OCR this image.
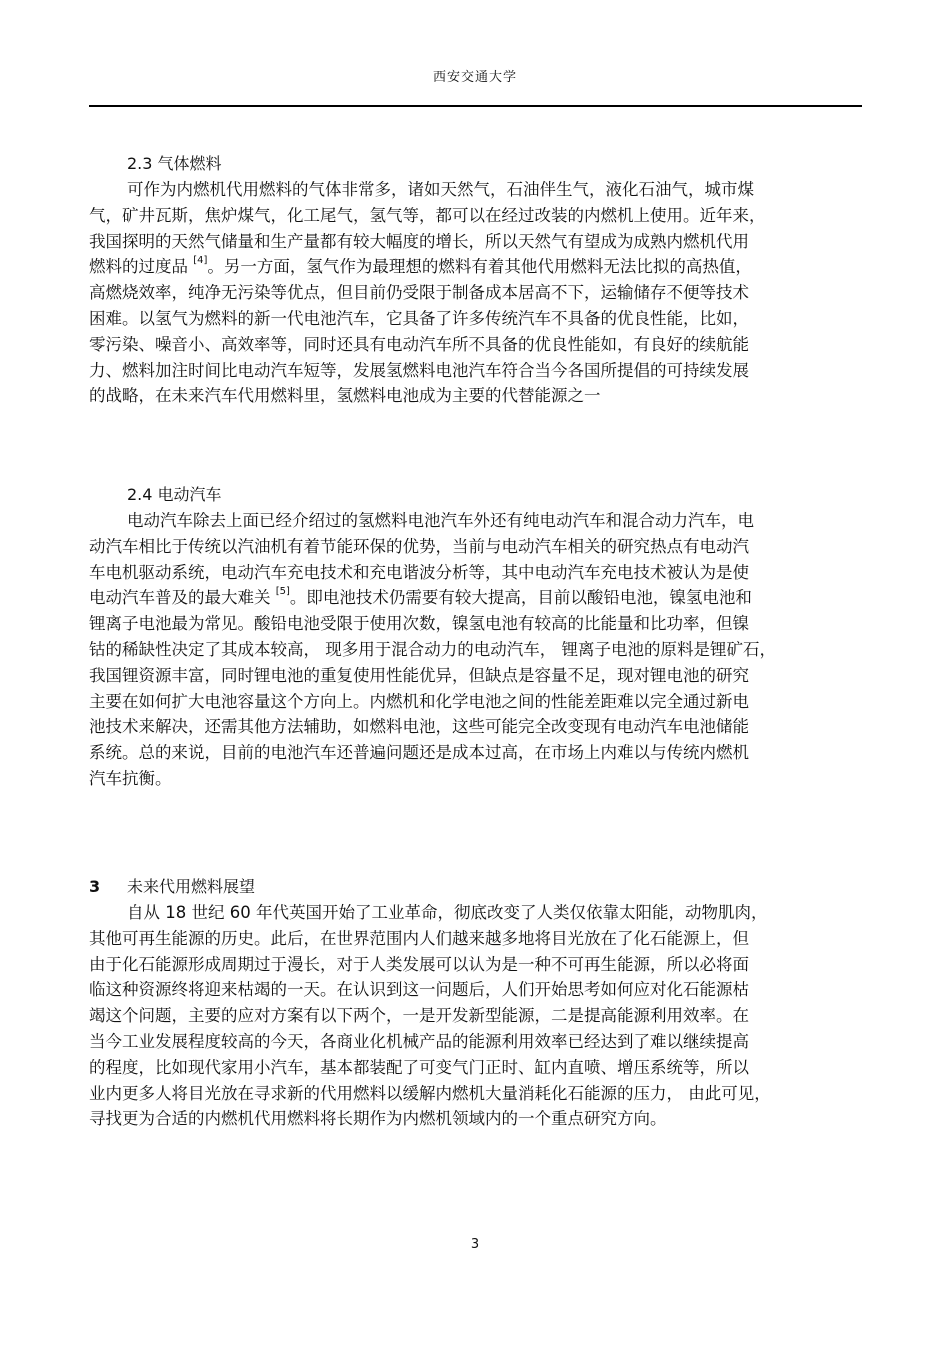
西安交通大学
2.3 气体燃料
可作为内燃机代用燃料的气体非常多，诸如天然气，石油伴生气，液化石油气，城市煤
气，矿井瓦斯，焦炉煤气，化工尾气，氢气等，都可以在经过改装的内燃机上使用。近年来，
我国探明的天然气储量和生产量都有较大幅度的增长，所以天然气有望成为成熟内燃机代用
燃料的过度品 [4]。另一方面，氢气作为最理想的燃料有着其他代用燃料无法比拟的高热值，
高燃烧效率，纯净无污染等优点，但目前仍受限于制备成本居高不下，运输储存不便等技术
困难。以氢气为燃料的新一代电池汽车，它具备了许多传统汽车不具备的优良性能，比如，
零污染、噪音小、高效率等，同时还具有电动汽车所不具备的优良性能如，有良好的续航能
力、燃料加注时间比电动汽车短等，发展氢燃料电池汽车符合当今各国所提倡的可持续发展
的战略，在未来汽车代用燃料里，氢燃料电池成为主要的代替能源之一
2.4 电动汽车
电动汽车除去上面已经介绍过的氢燃料电池汽车外还有纯电动汽车和混合动力汽车，电
动汽车相比于传统以汽油机有着节能环保的优势，当前与电动汽车相关的研究热点有电动汽
车电机驱动系统，电动汽车充电技术和充电谐波分析等，其中电动汽车充电技术被认为是使
电动汽车普及的最大难关 [5]。即电池技术仍需要有较大提高，目前以酸铅电池，镍氢电池和
锂离子电池最为常见。酸铅电池受限于使用次数，镍氢电池有较高的比能量和比功率，但镍
钴的稀缺性决定了其成本较高， 现多用于混合动力的电动汽车， 锂离子电池的原料是锂矿石，
我国锂资源丰富，同时锂电池的重复使用性能优异，但缺点是容量不足，现对锂电池的研究
主要在如何扩大电池容量这个方向上。内燃机和化学电池之间的性能差距难以完全通过新电
池技术来解决，还需其他方法辅助，如燃料电池，这些可能完全改变现有电动汽车电池储能
系统。总的来说，目前的电池汽车还普遍问题还是成本过高，在市场上内难以与传统内燃机
汽车抗衡。
3 未来代用燃料展望
自从 18 世纪 60 年代英国开始了工业革命，彻底改变了人类仅依靠太阳能，动物肌肉，
其他可再生能源的历史。此后，在世界范围内人们越来越多地将目光放在了化石能源上，但
由于化石能源形成周期过于漫长，对于人类发展可以认为是一种不可再生能源，所以必将面
临这种资源终将迎来枯竭的一天。在认识到这一问题后，人们开始思考如何应对化石能源枯
竭这个问题，主要的应对方案有以下两个，一是开发新型能源，二是提高能源利用效率。在
当今工业发展程度较高的今天，各商业化机械产品的能源利用效率已经达到了难以继续提高
的程度，比如现代家用小汽车，基本都装配了可变气门正时、缸内直喷、增压系统等，所以
业内更多人将目光放在寻求新的代用燃料以缓解内燃机大量消耗化石能源的压力， 由此可见，
寻找更为合适的内燃机代用燃料将长期作为内燃机领域内的一个重点研究方向。
3
